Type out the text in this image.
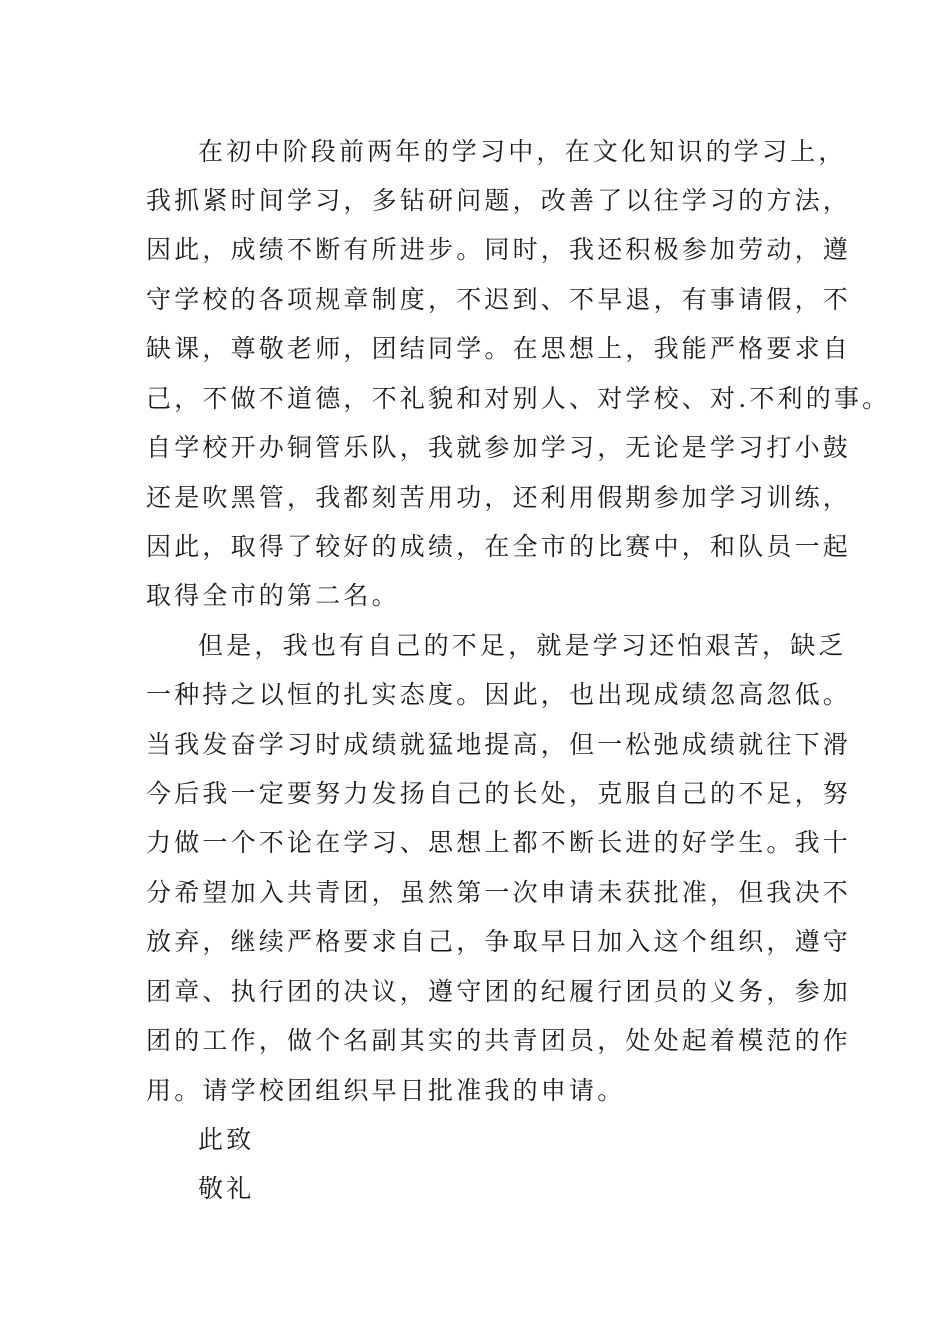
在初中阶段前两年的学习中，在文化知识的学习上，
我抓紧时间学习，多钻研问题，改善了以往学习的方法，
因此，成绩不断有所进步。同时，我还积极参加劳动，遵
守学校的各项规章制度，不迟到、不早退，有事请假，不
缺课，尊敬老师，团结同学。在思想上，我能严格要求自
己，不做不道德，不礼貌和对别人、对学校、对.不利的事。
自学校开办铜管乐队，我就参加学习，无论是学习打小鼓
还是吹黑管，我都刻苦用功，还利用假期参加学习训练，
因此，取得了较好的成绩，在全市的比赛中，和队员一起
取得全市的第二名。
但是，我也有自己的不足，就是学习还怕艰苦，缺乏
一种持之以恒的扎实态度。因此，也出现成绩忽高忽低。
当我发奋学习时成绩就猛地提高，但一松弛成绩就往下滑
今后我一定要努力发扬自己的长处，克服自己的不足，努
力做一个不论在学习、思想上都不断长进的好学生。我十
分希望加入共青团，虽然第一次申请未获批准，但我决不
放弃，继续严格要求自己，争取早日加入这个组织，遵守
团章、执行团的决议，遵守团的纪履行团员的义务，参加
团的工作，做个名副其实的共青团员，处处起着模范的作
用。请学校团组织早日批准我的申请。
此致
敬礼
